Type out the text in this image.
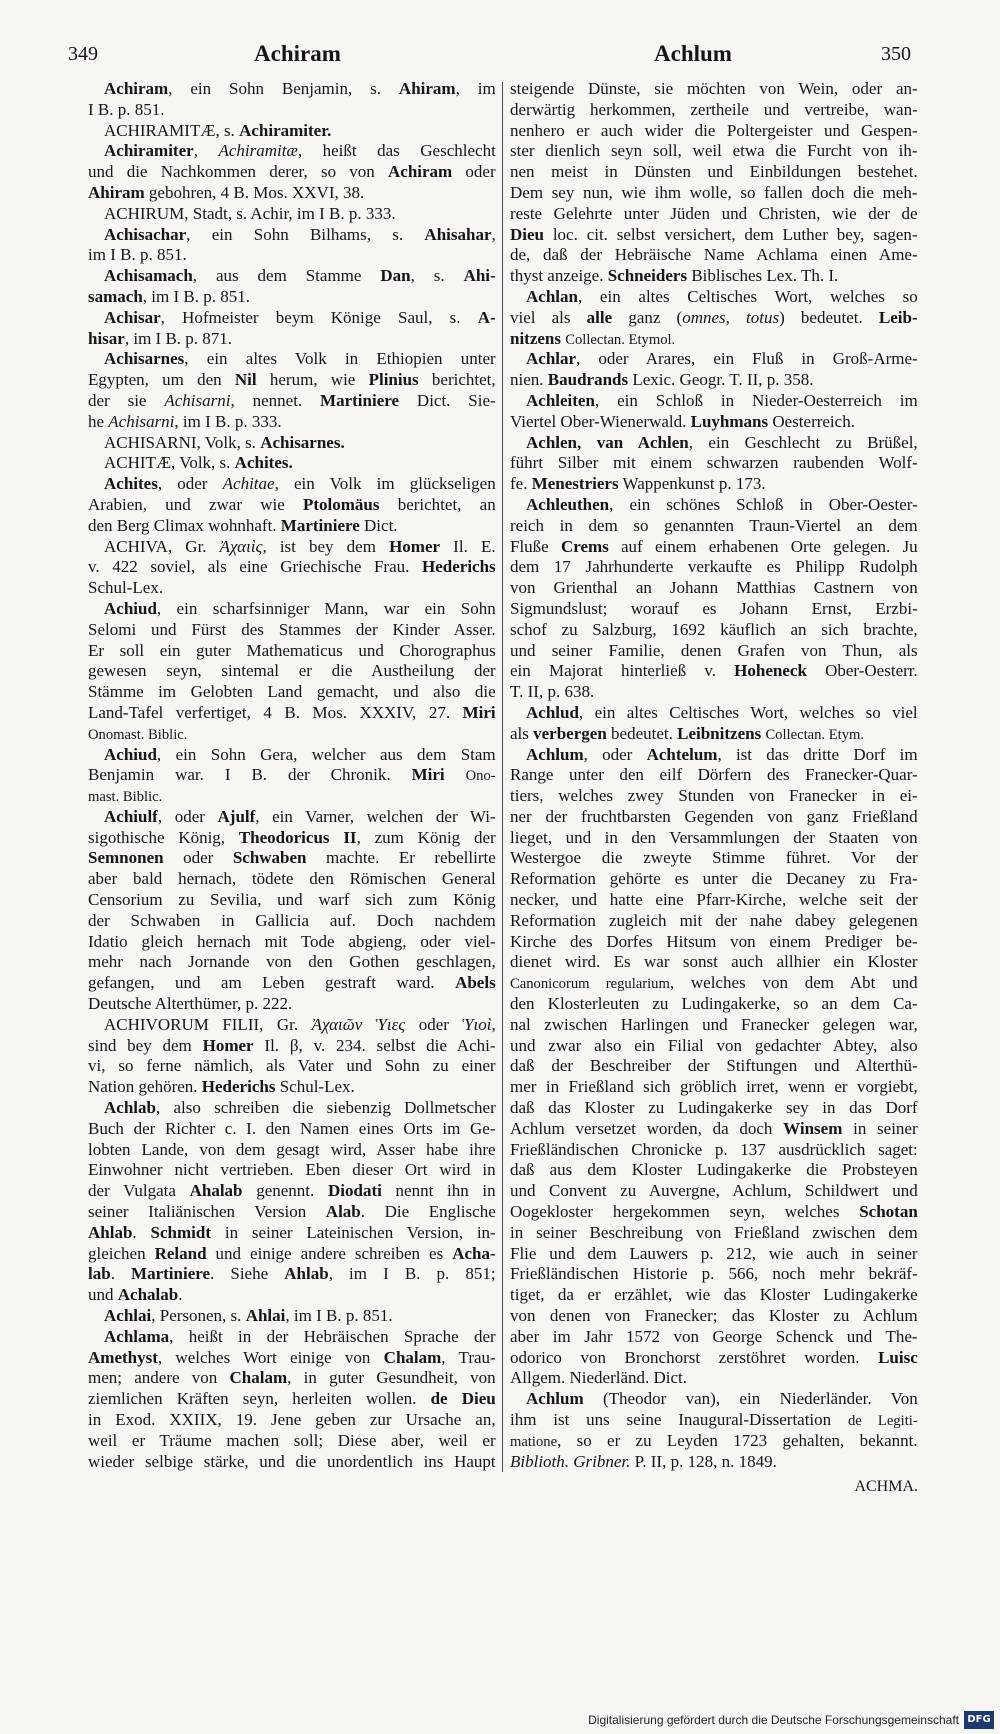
349	Achiram	Achlum	350
Achiram, ein Sohn Benjamin, s. Ahiram, im
I B. p. 851.
ACHIRAMITÆ, s. Achiramiter.
Achiramiter, Achiramitæ, heißt das Geschlecht
und die Nachkommen derer, so von Achiram oder
Ahiram gebohren, 4 B. Mos. XXVI, 38.
ACHIRUM, Stadt, s. Achir, im I B. p. 333.
Achisachar, ein Sohn Bilhams, s. Ahisahar,
im I B. p. 851.
Achisamach, aus dem Stamme Dan, s. Ahi-
samach, im I B. p. 851.
Achisar, Hofmeister beym Könige Saul, s. A-
hisar, im I B. p. 871.
Achisarnes, ein altes Volk in Ethiopien unter
Egypten, um den Nil herum, wie Plinius berichtet,
der sie Achisarni, nennet. Martiniere Dict. Sie-
he Achisarni, im I B. p. 333.
ACHISARNI, Volk, s. Achisarnes.
ACHITÆ, Volk, s. Achites.
Achites, oder Achitae, ein Volk im glückseligen
Arabien, und zwar wie Ptolomäus berichtet, an
den Berg Climax wohnhaft. Martiniere Dict.
ACHIVA, Gr. Ἀχαιὶς, ist bey dem Homer Il. E.
v. 422 soviel, als eine Griechische Frau. Hederichs
Schul-Lex.
Achiud, ein scharfsinniger Mann, war ein Sohn
Selomi und Fürst des Stammes der Kinder Asser.
Er soll ein guter Mathematicus und Chorographus
gewesen seyn, sintemal er die Austheilung der
Stämme im Gelobten Land gemacht, und also die
Land-Tafel verfertiget, 4 B. Mos. XXXIV, 27. Miri
Onomast. Biblic.
Achiud, ein Sohn Gera, welcher aus dem Stam
Benjamin war. I B. der Chronik. Miri Ono-
mast. Biblic.
Achiulf, oder Ajulf, ein Varner, welchen der Wi-
sigothische König, Theodoricus II, zum König der
Semnonen oder Schwaben machte. Er rebellirte
aber bald hernach, tödete den Römischen General
Censorium zu Sevilia, und warf sich zum König
der Schwaben in Gallicia auf. Doch nachdem
Idatio gleich hernach mit Tode abgieng, oder viel-
mehr nach Jornande von den Gothen geschlagen,
gefangen, und am Leben gestraft ward. Abels
Deutsche Alterthümer, p. 222.
ACHIVORUM FILII, Gr. Ἀχαιῶν Ὑιες oder Ὑιοὶ,
sind bey dem Homer Il. β, v. 234. selbst die Achi-
vi, so ferne nämlich, als Vater und Sohn zu einer
Nation gehören. Hederichs Schul-Lex.
Achlab, also schreiben die siebenzig Dollmetscher
Buch der Richter c. I. den Namen eines Orts im Ge-
lobten Lande, von dem gesagt wird, Asser habe ihre
Einwohner nicht vertrieben. Eben dieser Ort wird in
der Vulgata Ahalab genennt. Diodati nennt ihn in
seiner Italiänischen Version Alab. Die Englische
Ahlab. Schmidt in seiner Lateinischen Version, in-
gleichen Reland und einige andere schreiben es Acha-
lab. Martiniere. Siehe Ahlab, im I B. p. 851;
und Achalab.
Achlai, Personen, s. Ahlai, im I B. p. 851.
Achlama, heißt in der Hebräischen Sprache der
Amethyst, welches Wort einige von Chalam, Trau-
men; andere von Chalam, in guter Gesundheit, von
ziemlichen Kräften seyn, herleiten wollen. de Dieu
in Exod. XXIIX, 19. Jene geben zur Ursache an,
weil er Träume machen soll; Diese aber, weil er
wieder selbige stärke, und die unordentlich ins Haupt
steigende Dünste, sie möchten von Wein, oder an-
derwärtig herkommen, zertheile und vertreibe, wan-
nenhero er auch wider die Poltergeister und Gespen-
ster dienlich seyn soll, weil etwa die Furcht von ih-
nen meist in Dünsten und Einbildungen bestehet.
Dem sey nun, wie ihm wolle, so fallen doch die meh-
reste Gelehrte unter Jüden und Christen, wie der de
Dieu loc. cit. selbst versichert, dem Luther bey, sagen-
de, daß der Hebräische Name Achlama einen Ame-
thyst anzeige. Schneiders Biblisches Lex. Th. I.
Achlan, ein altes Celtisches Wort, welches so
viel als alle ganz (omnes, totus) bedeutet. Leib-
nitzens Collectan. Etymol.
Achlar, oder Arares, ein Fluß in Groß-Arme-
nien. Baudrands Lexic. Geogr. T. II, p. 358.
Achleiten, ein Schloß in Nieder-Oesterreich im
Viertel Ober-Wienerwald. Luyhmans Oesterreich.
Achlen, van Achlen, ein Geschlecht zu Brüßel,
führt Silber mit einem schwarzen raubenden Wolf-
fe. Menestriers Wappenkunst p. 173.
Achleuthen, ein schönes Schloß in Ober-Oester-
reich in dem so genannten Traun-Viertel an dem
Fluße Crems auf einem erhabenen Orte gelegen. Ju
dem 17 Jahrhunderte verkaufte es Philipp Rudolph
von Grienthal an Johann Matthias Castnern von
Sigmundslust; worauf es Johann Ernst, Erzbi-
schof zu Salzburg, 1692 käuflich an sich brachte,
und seiner Familie, denen Grafen von Thun, als
ein Majorat hinterließ v. Hoheneck Ober-Oesterr.
T. II, p. 638.
Achlud, ein altes Celtisches Wort, welches so viel
als verbergen bedeutet. Leibnitzens Collectan. Etym.
Achlum, oder Achtelum, ist das dritte Dorf im
Range unter den eilf Dörfern des Franecker-Quar-
tiers, welches zwey Stunden von Franecker in ei-
ner der fruchtbarsten Gegenden von ganz Frießland
lieget, und in den Versammlungen der Staaten von
Westergoe die zweyte Stimme führet. Vor der
Reformation gehörte es unter die Decaney zu Fra-
necker, und hatte eine Pfarr-Kirche, welche seit der
Reformation zugleich mit der nahe dabey gelegenen
Kirche des Dorfes Hitsum von einem Prediger be-
dienet wird. Es war sonst auch allhier ein Kloster
Canonicorum regularium, welches von dem Abt und
den Klosterleuten zu Ludingakerke, so an dem Ca-
nal zwischen Harlingen und Franecker gelegen war,
und zwar also ein Filial von gedachter Abtey, also
daß der Beschreiber der Stiftungen und Alterthü-
mer in Frießland sich gröblich irret, wenn er vorgiebt,
daß das Kloster zu Ludingakerke sey in das Dorf
Achlum versetzet worden, da doch Winsem in seiner
Frießländischen Chronicke p. 137 ausdrücklich saget:
daß aus dem Kloster Ludingakerke die Probsteyen
und Convent zu Auvergne, Achlum, Schildwert und
Oogekloster hergekommen seyn, welches Schotan
in seiner Beschreibung von Frießland zwischen dem
Flie und dem Lauwers p. 212, wie auch in seiner
Frießländischen Historie p. 566, noch mehr bekräf-
tiget, da er erzählet, wie das Kloster Ludingakerke
von denen von Franecker; das Kloster zu Achlum
aber im Jahr 1572 von George Schenck und The-
odorico von Bronchorst zerstöhret worden. Luisc
Allgem. Niederländ. Dict.
Achlum (Theodor van), ein Niederländer. Von
ihm ist uns seine Inaugural-Dissertation de Legiti-
matione, so er zu Leyden 1723 gehalten, bekannt.
Biblioth. Gribner. P. II, p. 128, n. 1849.
ACHMA.
Digitalisierung gefördert durch die Deutsche Forschungsgemeinschaft DFG
